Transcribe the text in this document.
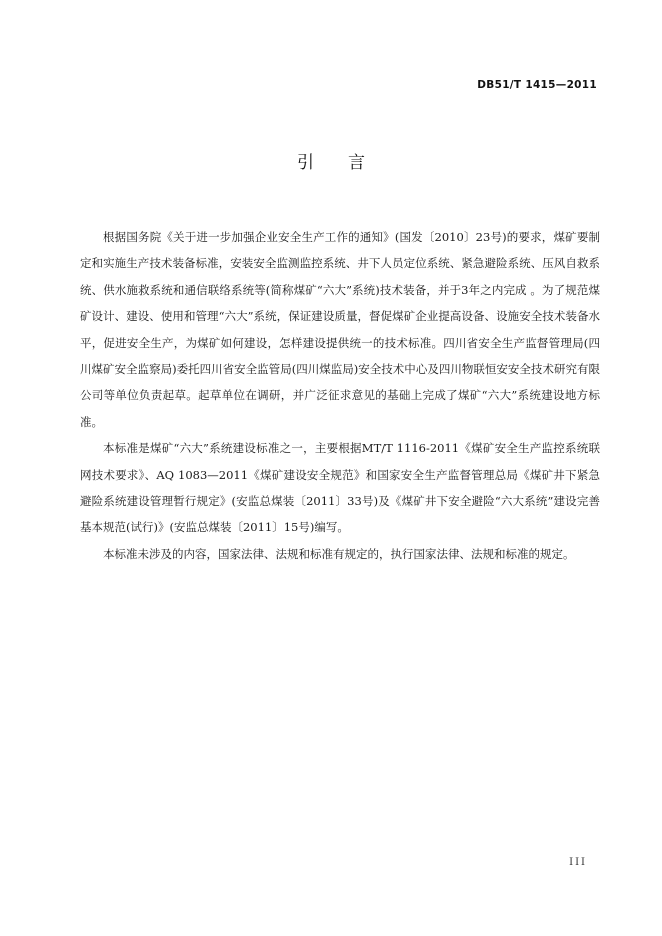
DB51/T 1415—2011
引言

根据国务院《关于进一步加强企业安全生产工作的通知》(国发〔2010〕23号)的要求，煤矿要制定和实施生产技术装备标准，安装安全监测监控系统、井下人员定位系统、紧急避险系统、压风自救系统、供水施救系统和通信联络系统等(简称煤矿“六大”系统)技术装备，并于3年之内完成 。为了规范煤矿设计、建设、使用和管理“六大”系统，保证建设质量，督促煤矿企业提高设备、设施安全技术装备水平，促进安全生产，为煤矿如何建设，怎样建设提供统一的技术标准。四川省安全生产监督管理局(四川煤矿安全监察局)委托四川省安全监管局(四川煤监局)安全技术中心及四川物联恒安安全技术研究有限公司等单位负责起草。起草单位在调研，并广泛征求意见的基础上完成了煤矿“六大”系统建设地方标准。

本标准是煤矿“六大”系统建设标准之一，主要根据MT/T 1116-2011《煤矿安全生产监控系统联网技术要求》、AQ 1083—2011《煤矿建设安全规范》和国家安全生产监督管理总局《煤矿井下紧急避险系统建设管理暂行规定》(安监总煤装〔2011〕33号)及《煤矿井下安全避险“六大系统”建设完善基本规范(试行)》(安监总煤装〔2011〕15号)编写。

本标准未涉及的内容，国家法律、法规和标准有规定的，执行国家法律、法规和标准的规定。

III
